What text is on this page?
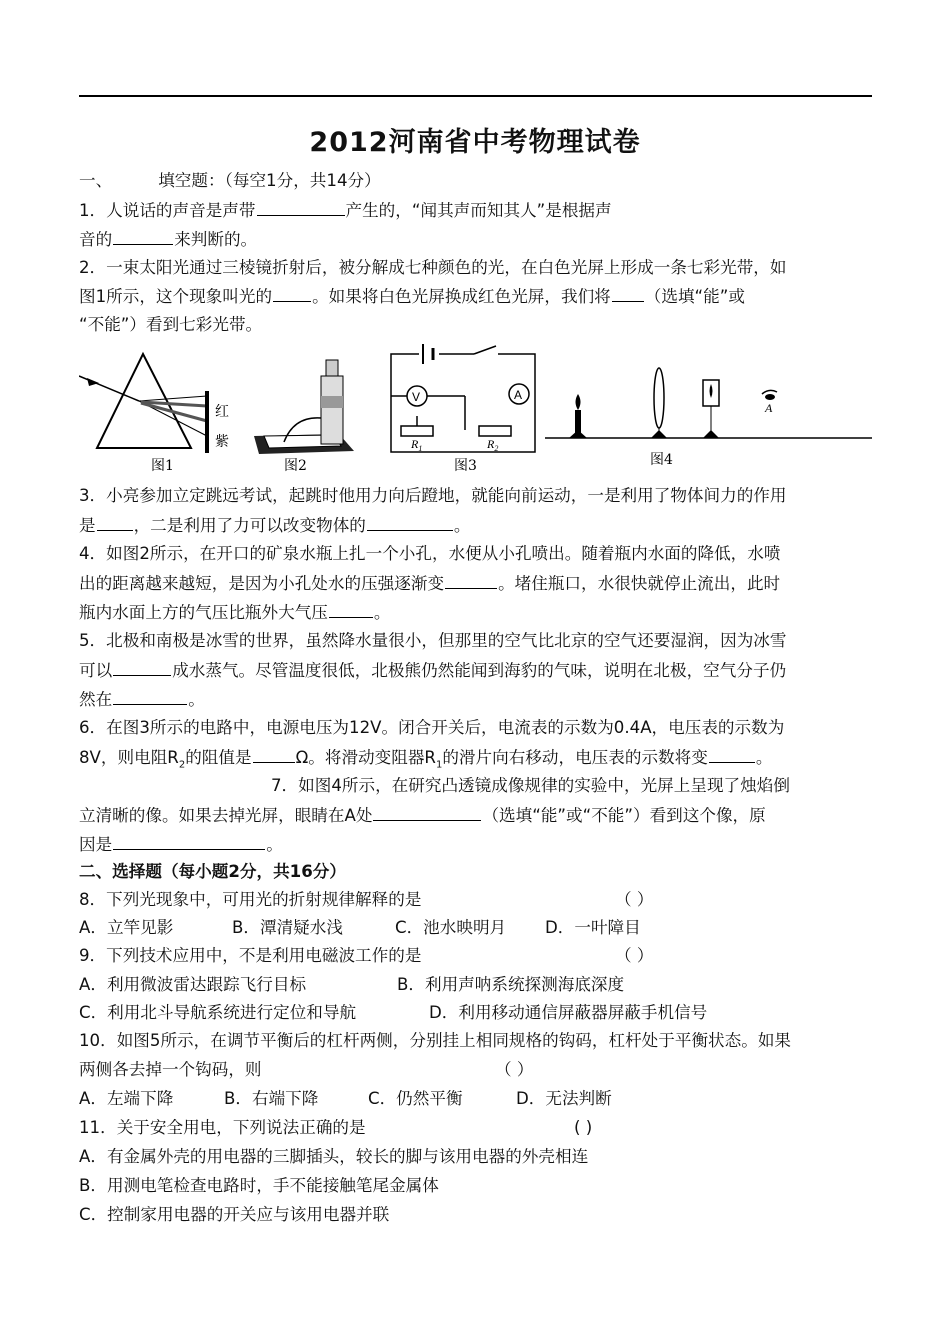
2012河南省中考物理试卷
一、	填空题：（每空1分，共14分）
1．人说话的声音是声带	产生的，“闻其声而知其人”是根据声
音的	来判断的。
2．一束太阳光通过三棱镜折射后，被分解成七种颜色的光，在白色光屏上形成一条七彩光带，如
图1所示，这个现象叫光的 。如果将白色光屏换成红色光屏，我们将 （选填“能”或
“不能”）看到七彩光带。
红
紫
图1	图2
V	A
$R_1$	$R_2$
图3
A
图4
3．小亮参加立定跳远考试，起跳时他用力向后蹬地，就能向前运动，一是利用了物体间力的作用
是 ，二是利用了力可以改变物体的	。
4．如图2所示，在开口的矿泉水瓶上扎一个小孔，水便从小孔喷出。随着瓶内水面的降低，水喷
出的距离越来越短，是因为小孔处水的压强逐渐变	。堵住瓶口，水很快就停止流出，此时
瓶内水面上方的气压比瓶外大气压	。
5．北极和南极是冰雪的世界，虽然降水量很小，但那里的空气比北京的空气还要湿润，因为冰雪
可以	成水蒸气。尽管温度很低，北极熊仍然能闻到海豹的气味，说明在北极，空气分子仍
然在	。
6．在图3所示的电路中，电源电压为12V。闭合开关后，电流表的示数为0.4A，电压表的示数为
8V，则电阻$R_2$的阻值是	Ω。将滑动变阻器$R_1$的滑片向右移动，电压表的示数将变	。
7．如图4所示，在研究凸透镜成像规律的实验中，光屏上呈现了烛焰倒
立清晰的像。如果去掉光屏，眼睛在A处	（选填“能”或“不能”）看到这个像，原
因是	。
二、选择题（每小题2分，共16分）
8．下列光现象中，可用光的折射规律解释的是	（ ）
A．立竿见影	B．潭清疑水浅	C．池水映明月 D．一叶障目
9．下列技术应用中，不是利用电磁波工作的是	（ ）
A．利用微波雷达跟踪飞行目标	B．利用声呐系统探测海底深度
C．利用北斗导航系统进行定位和导航	D．利用移动通信屏蔽器屏蔽手机信号
10．如图5所示，在调节平衡后的杠杆两侧，分别挂上相同规格的钩码，杠杆处于平衡状态。如果
两侧各去掉一个钩码，则	（ ）
A．左端下降	B．右端下降	C．仍然平衡	D．无法判断
11．关于安全用电，下列说法正确的是	( )
A．有金属外壳的用电器的三脚插头，较长的脚与该用电器的外壳相连
B．用测电笔检查电路时，手不能接触笔尾金属体
C．控制家用电器的开关应与该用电器并联
